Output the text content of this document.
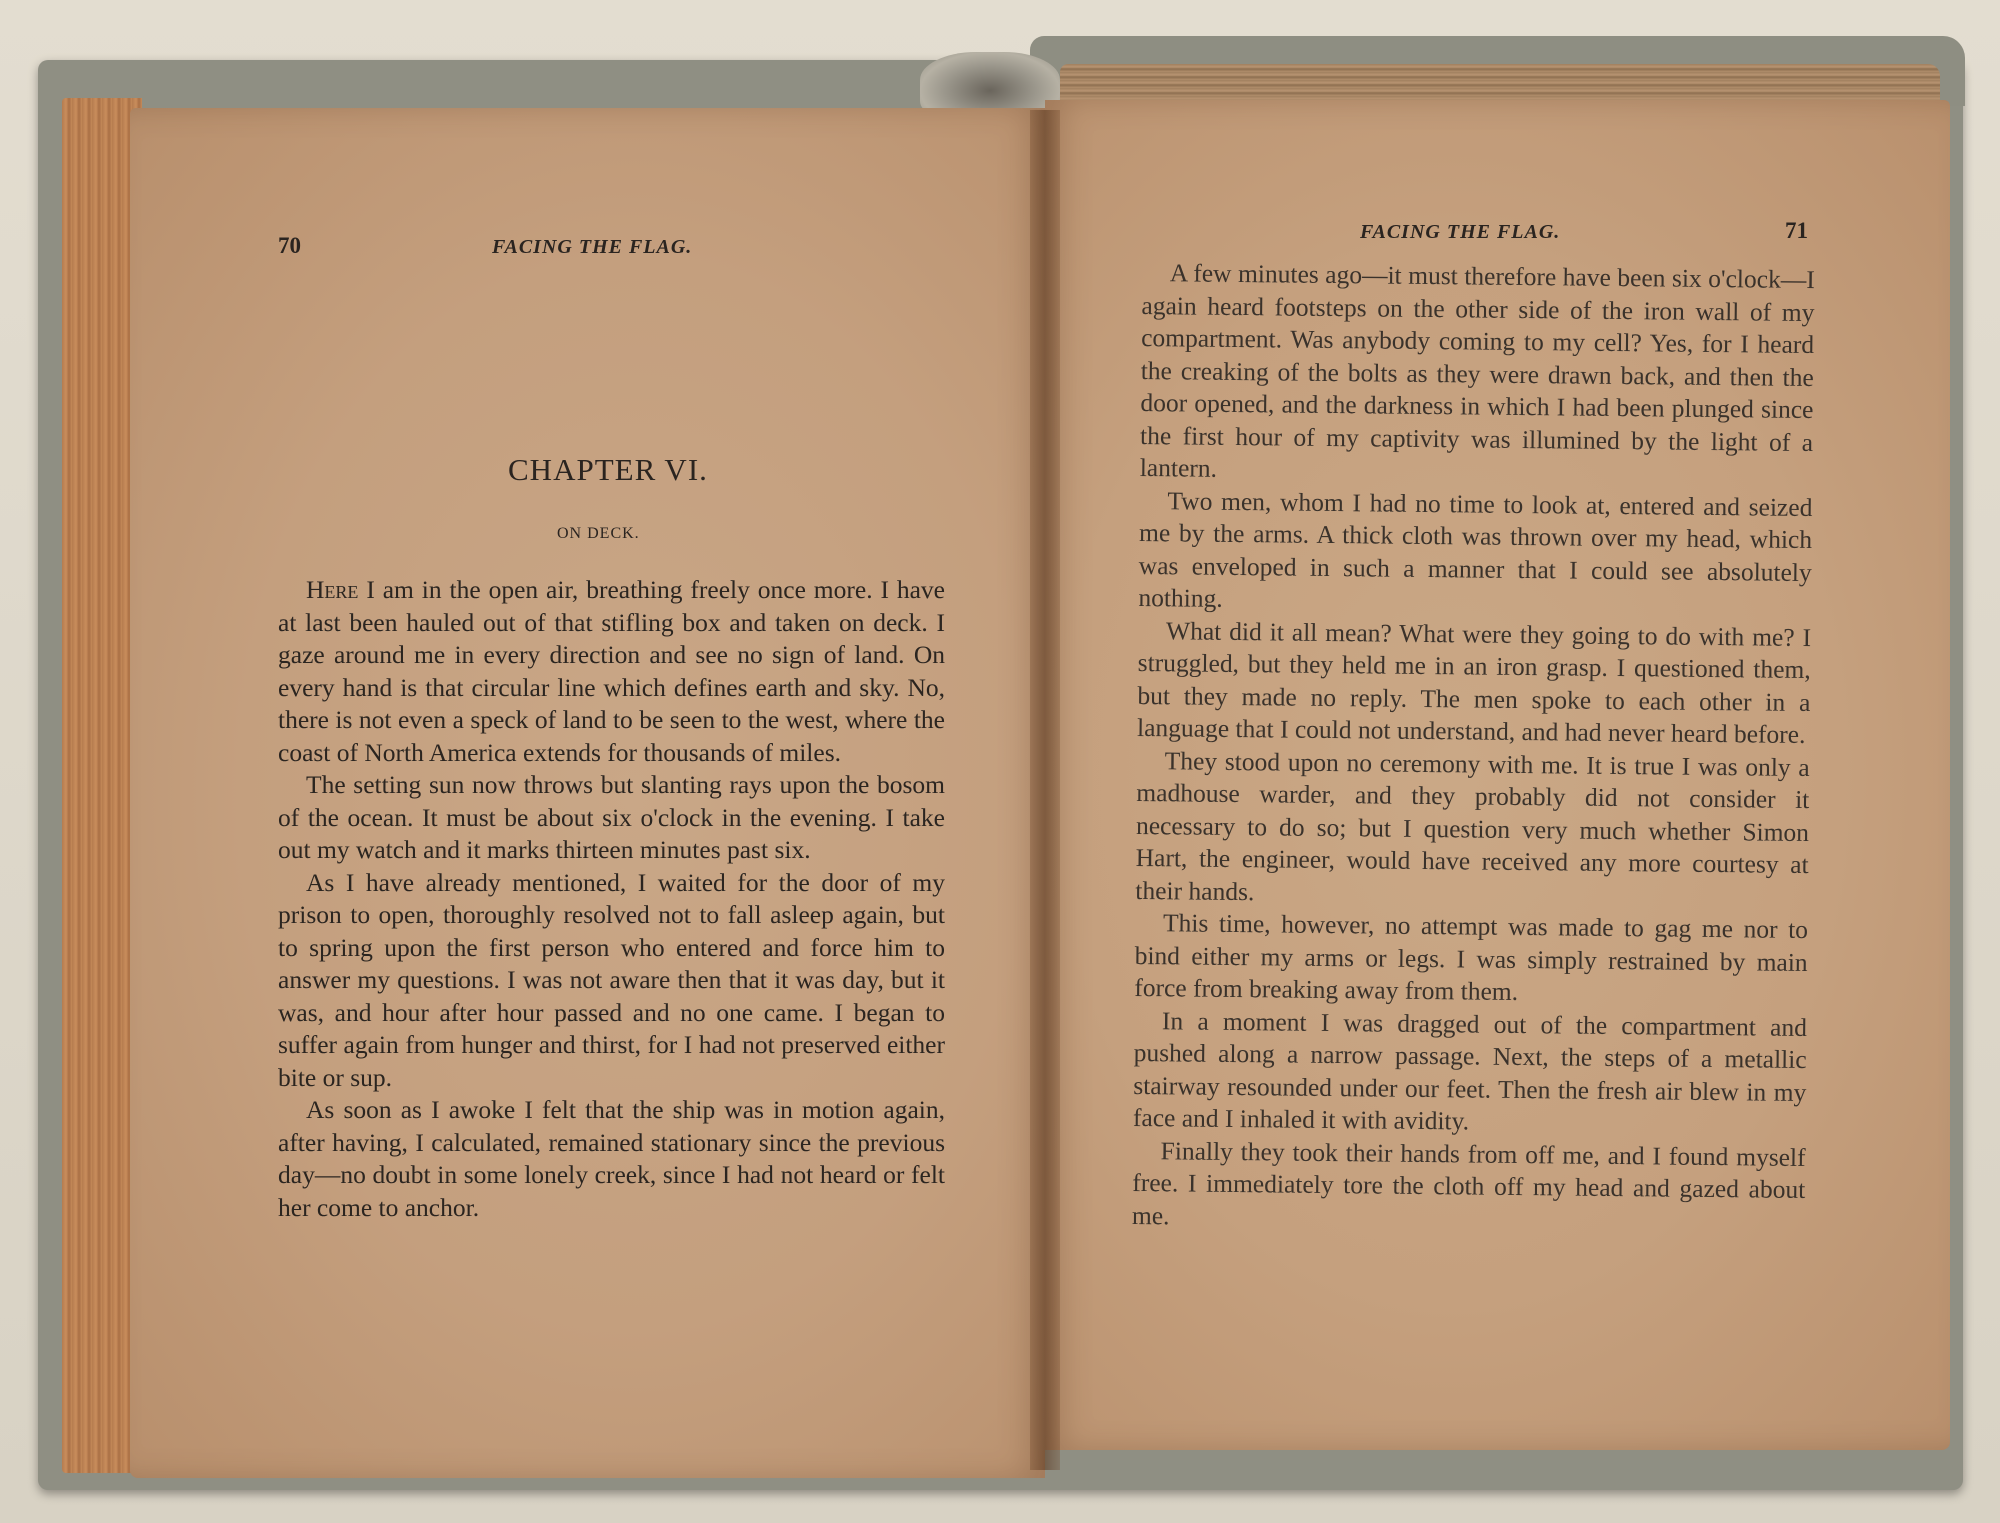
70	FACING THE FLAG.
CHAPTER VI.
ON DECK.

Here I am in the open air, breathing freely once more. I have at last been hauled out of that stifling box and taken on deck. I gaze around me in every direction and see no sign of land. On every hand is that circular line which defines earth and sky. No, there is not even a speck of land to be seen to the west, where the coast of North America extends for thousands of miles.

The setting sun now throws but slanting rays upon the bosom of the ocean. It must be about six o'clock in the evening. I take out my watch and it marks thirteen minutes past six.

As I have already mentioned, I waited for the door of my prison to open, thoroughly resolved not to fall asleep again, but to spring upon the first person who entered and force him to answer my questions. I was not aware then that it was day, but it was, and hour after hour passed and no one came. I began to suffer again from hunger and thirst, for I had not preserved either bite or sup.

As soon as I awoke I felt that the ship was in motion again, after having, I calculated, remained stationary since the previous day—no doubt in some lonely creek, since I had not heard or felt her come to anchor.

FACING THE FLAG.	71

A few minutes ago—it must therefore have been six o'clock—I again heard footsteps on the other side of the iron wall of my compartment. Was anybody coming to my cell? Yes, for I heard the creaking of the bolts as they were drawn back, and then the door opened, and the darkness in which I had been plunged since the first hour of my captivity was illumined by the light of a lantern.

Two men, whom I had no time to look at, entered and seized me by the arms. A thick cloth was thrown over my head, which was enveloped in such a manner that I could see absolutely nothing.

What did it all mean? What were they going to do with me? I struggled, but they held me in an iron grasp. I questioned them, but they made no reply. The men spoke to each other in a language that I could not understand, and had never heard before.

They stood upon no ceremony with me. It is true I was only a madhouse warder, and they probably did not consider it necessary to do so; but I question very much whether Simon Hart, the engineer, would have received any more courtesy at their hands.

This time, however, no attempt was made to gag me nor to bind either my arms or legs. I was simply restrained by main force from breaking away from them.

In a moment I was dragged out of the compartment and pushed along a narrow passage. Next, the steps of a metallic stairway resounded under our feet. Then the fresh air blew in my face and I inhaled it with avidity.

Finally they took their hands from off me, and I found myself free. I immediately tore the cloth off my head and gazed about me.
